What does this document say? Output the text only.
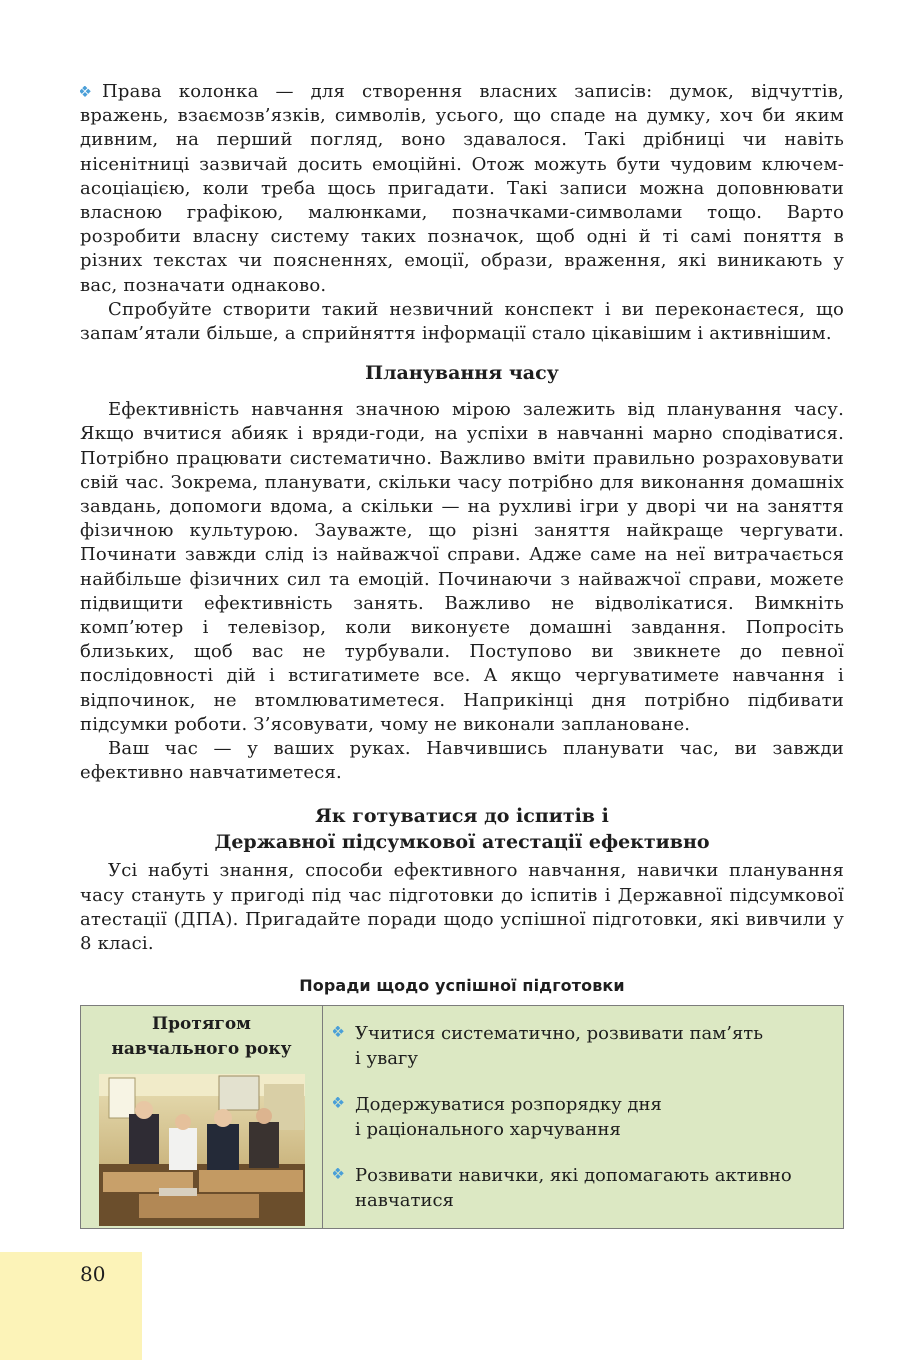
Права колонка — для створення власних записів: думок, відчуттів, вражень, взаємозв’язків, символів, усього, що спаде на думку, хоч би яким дивним, на перший погляд, воно здавалося. Такі дрібниці чи навіть нісенітниці зазвичай досить емоційні. Отож можуть бути чудовим ключем-асоціацією, коли треба щось пригадати. Такі записи можна доповнювати власною графікою, малюнками, позначками-символами тощо. Варто розробити власну систему таких позначок, щоб одні й ті самі поняття в різних текстах чи поясненнях, емоції, образи, враження, які виникають у вас, позначати однаково.

Спробуйте створити такий незвичний конспект і ви переконаєтеся, що запам’ятали більше, а сприйняття інформації стало цікавішим і активнішим.

Планування часу

Ефективність навчання значною мірою залежить від планування часу. Якщо вчитися абияк і вряди-годи, на успіхи в навчанні марно сподіватися. Потрібно працювати систематично. Важливо вміти правильно розраховувати свій час. Зокрема, планувати, скільки часу потрібно для виконання домашніх завдань, допомоги вдома, а скільки — на рухливі ігри у дворі чи на заняття фізичною культурою. Зауважте, що різні заняття найкраще чергувати. Починати завжди слід із найважчої справи. Адже саме на неї витрачається найбільше фізичних сил та емоцій. Починаючи з найважчої справи, можете підвищити ефективність занять. Важливо не відволікатися. Вимкніть комп’ютер і телевізор, коли виконуєте домашні завдання. Попросіть близьких, щоб вас не турбували. Поступово ви звикнете до певної послідовності дій і встигатимете все. А якщо чергуватимете навчання і відпочинок, не втомлюватиметеся. Наприкінці дня потрібно підбивати підсумки роботи. З’ясовувати, чому не виконали заплановане.

Ваш час — у ваших руках. Навчившись планувати час, ви завжди ефективно навчатиметеся.

Як готуватися до іспитів і
Державної підсумкової атестації ефективно

Усі набуті знання, способи ефективного навчання, навички планування часу стануть у пригоді під час підготовки до іспитів і Державної підсумкової атестації (ДПА). Пригадайте поради щодо успішної підготовки, які вивчили у 8 класі.

Поради щодо успішної підготовки
Протягом
навчального року
Учитися систематично, розвивати пам’ять
і увагу
Додержуватися розпорядку дня
і раціонального харчування
Розвивати навички, які допомагають активно
навчатися
80
